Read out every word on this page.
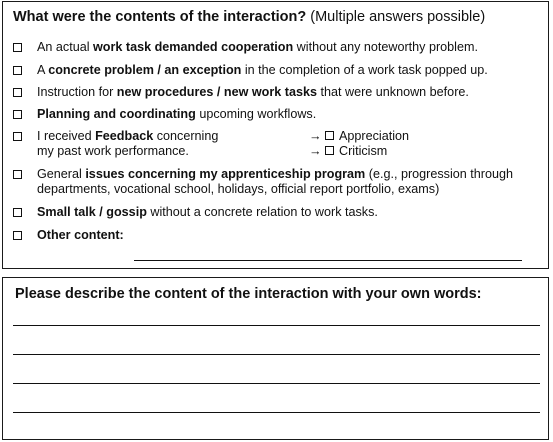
What were the contents of the interaction? (Multiple answers possible)
An actual work task demanded cooperation without any noteworthy problem.
A concrete problem / an exception in the completion of a work task popped up.
Instruction for new procedures / new work tasks that were unknown before.
Planning and coordinating upcoming workflows.
I received Feedback concerning
my past work performance.
→ Appreciation
→ Criticism
General issues concerning my apprenticeship program (e.g., progression through departments, vocational school, holidays, official report portfolio, exams)
Small talk / gossip without a concrete relation to work tasks.
Other content:
Please describe the content of the interaction with your own words:
